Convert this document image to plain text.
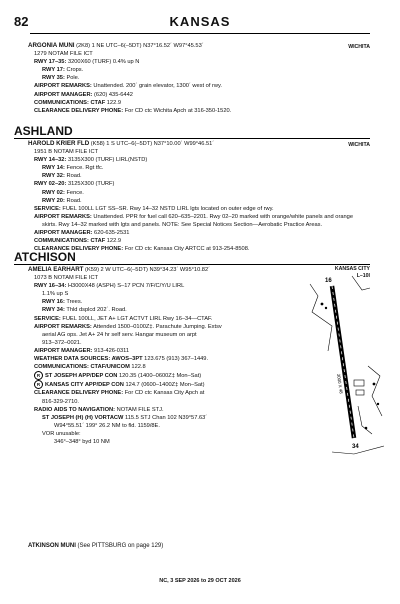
82	KANSAS
WICHITA
ARGONIA MUNI (2K8) 1 NE UTC–6(–5DT) N37°16.52´ W97°45.53´
1279 NOTAM FILE ICT
RWY 17–35: 3200X60 (TURF) 0.4% up N
RWY 17: Crops.
RWY 35: Pole.
AIRPORT REMARKS: Unattended. 200´ grain elevator, 1300´ west of rwy.
AIRPORT MANAGER: (620) 435-6442
COMMUNICATIONS: CTAF 122.9
CLEARANCE DELIVERY PHONE: For CD ctc Wichita Apch at 316-350-1520.
ASHLAND
WICHITA
HAROLD KRIER FLD (K58) 1 S UTC–6(–5DT) N37°10.00´ W99°46.51´
1951 B NOTAM FILE ICT
RWY 14–32: 3135X300 (TURF) LIRL(NSTD)
RWY 14: Fence. Rgt tfc.
RWY 32: Road.
RWY 02–20: 3125X300 (TURF)
RWY 02: Fence.
RWY 20: Road.
SERVICE: FUEL 100LL LGT SS–SR. Rwy 14–32 NSTD LIRL lgts located on outer edge of rwy.
AIRPORT REMARKS: Unattended. PPR for fuel call 620–635–2201. Rwy 02–20 marked with orange/white panels and orange
skirts. Rwy 14–32 marked with lgts and panels. NOTE: See Special Notices Section—Aerobatic Practice Areas.
AIRPORT MANAGER: 620-635-2531
COMMUNICATIONS: CTAF 122.9
CLEARANCE DELIVERY PHONE: For CD ctc Kansas City ARTCC at 913-254-8508.
ATCHISON
KANSAS CITY
L–10I
AMELIA EARHART (K59) 2 W UTC–6(–5DT) N39°34.23´ W95°10.82´
1073 B NOTAM FILE ICT
RWY 16–34: H3000X48 (ASPH) S–17 PCN 7/F/C/Y/U LIRL
1.1% up S
RWY 16: Trees.
RWY 34: Thld dsplcd 202´. Road.
SERVICE: FUEL 100LL, JET A+ LGT ACTVT LIRL Rwy 16–34—CTAF.
AIRPORT REMARKS: Attended 1500–0100Z‡. Parachute Jumping. Extsv
aerial AG ops. Jet A+ 24 hr self serv. Hangar museum on arpt
913–372–0021.
AIRPORT MANAGER: 913-426-0311
WEATHER DATA SOURCES: AWOS–3PT 123.675 (913) 367–1449.
COMMUNICATIONS: CTAF/UNICOM 122.8
R ST JOSEPH APP/DEP CON 120.35 (1400–0600Z‡ Mon–Sat)
R KANSAS CITY APP/DEP CON 124.7 (0600–1400Z‡ Mon–Sat)
CLEARANCE DELIVERY PHONE: For CD ctc Kansas City Apch at
816-329-2710.
RADIO AIDS TO NAVIGATION: NOTAM FILE STJ.
ST JOSEPH (H) (H) VORTACW 115.5 STJ Chan 102 N39°57.63´
W94°55.51´ 199° 26.2 NM to fld. 1159/8E.
VOR unusable:
346°–348° byd 10 NM
16
34
3000 X 48
ATKINSON MUNI (See PITTSBURG on page 129)
NC, 3 SEP 2026 to 29 OCT 2026
